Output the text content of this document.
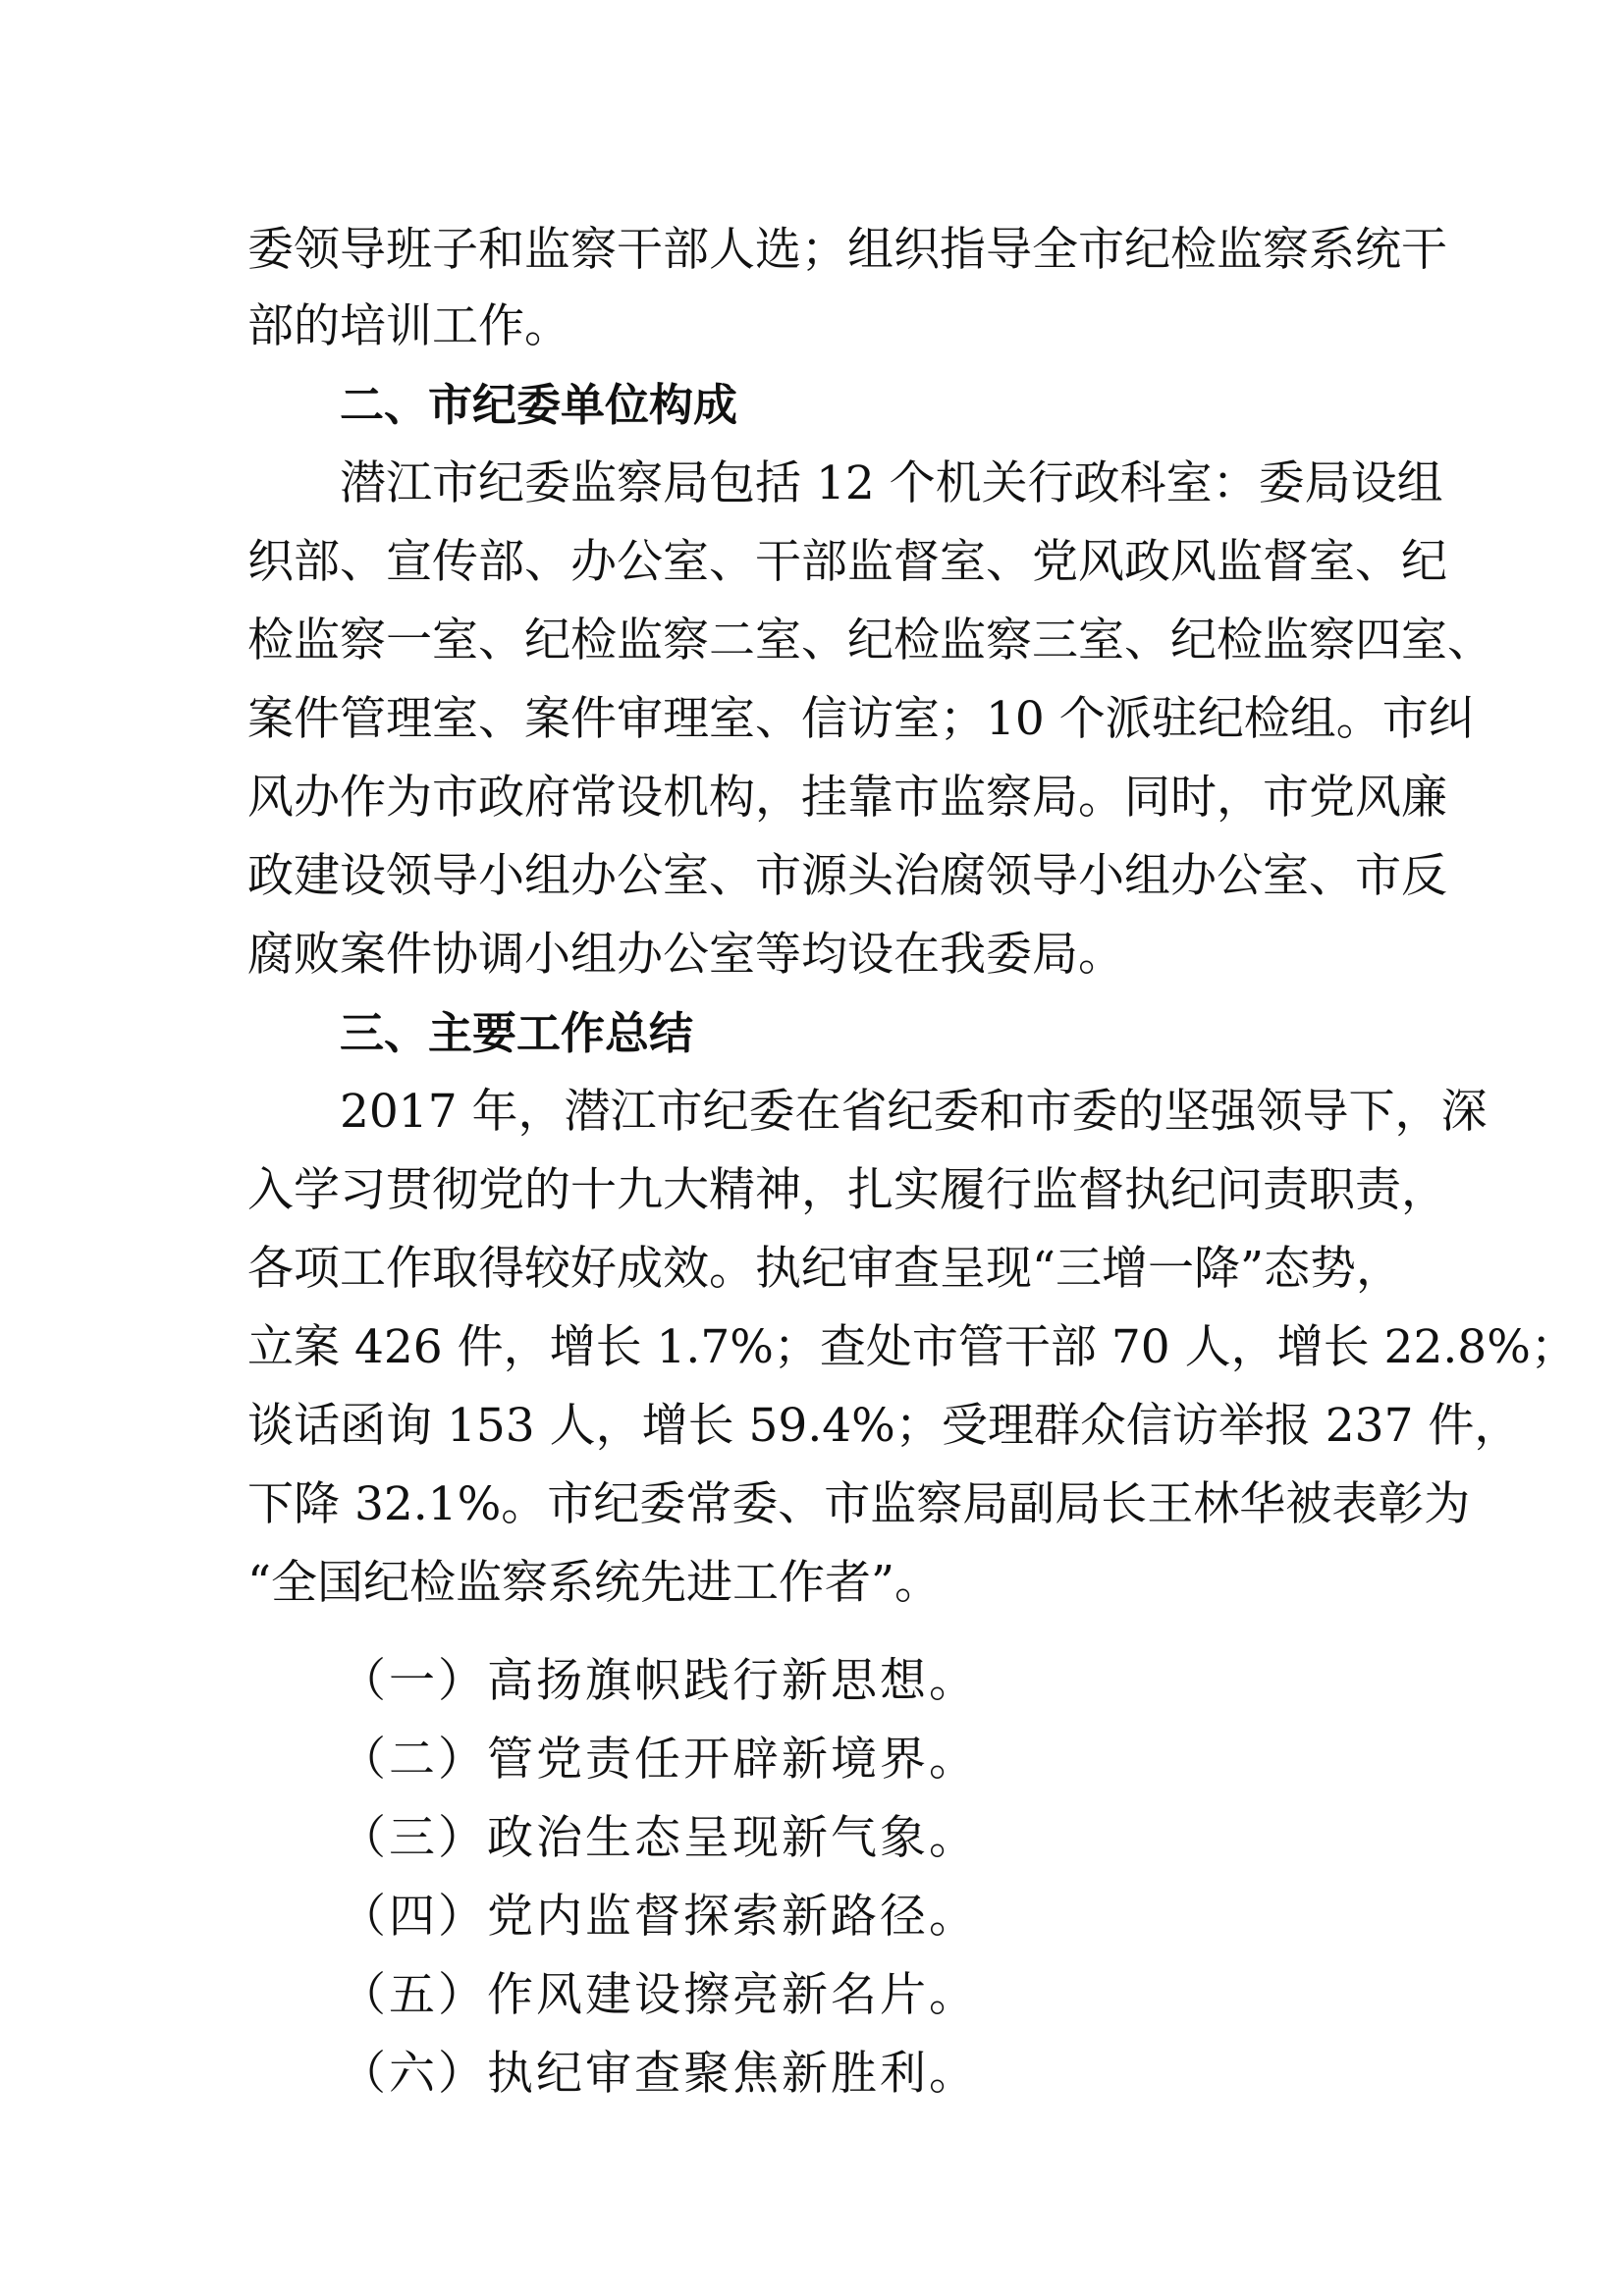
委领导班子和监察干部人选；组织指导全市纪检监察系统干
部的培训工作。
二、市纪委单位构成
潜江市纪委监察局包括 12 个机关行政科室：委局设组
织部、宣传部、办公室、干部监督室、党风政风监督室、纪
检监察一室、纪检监察二室、纪检监察三室、纪检监察四室、
案件管理室、案件审理室、信访室；10 个派驻纪检组。市纠
风办作为市政府常设机构，挂靠市监察局。同时，市党风廉
政建设领导小组办公室、市源头治腐领导小组办公室、市反
腐败案件协调小组办公室等均设在我委局。
三、主要工作总结
2017 年，潜江市纪委在省纪委和市委的坚强领导下，深
入学习贯彻党的十九大精神，扎实履行监督执纪问责职责，
各项工作取得较好成效。执纪审查呈现“三增一降”态势，
立案 426 件，增长 1.7%；查处市管干部 70 人，增长 22.8%；
谈话函询 153 人，增长 59.4%；受理群众信访举报 237 件，
下降 32.1%。市纪委常委、市监察局副局长王林华被表彰为
“全国纪检监察系统先进工作者”。
（一）高扬旗帜践行新思想。
（二）管党责任开辟新境界。
（三）政治生态呈现新气象。
（四）党内监督探索新路径。
（五）作风建设擦亮新名片。
（六）执纪审查聚焦新胜利。
